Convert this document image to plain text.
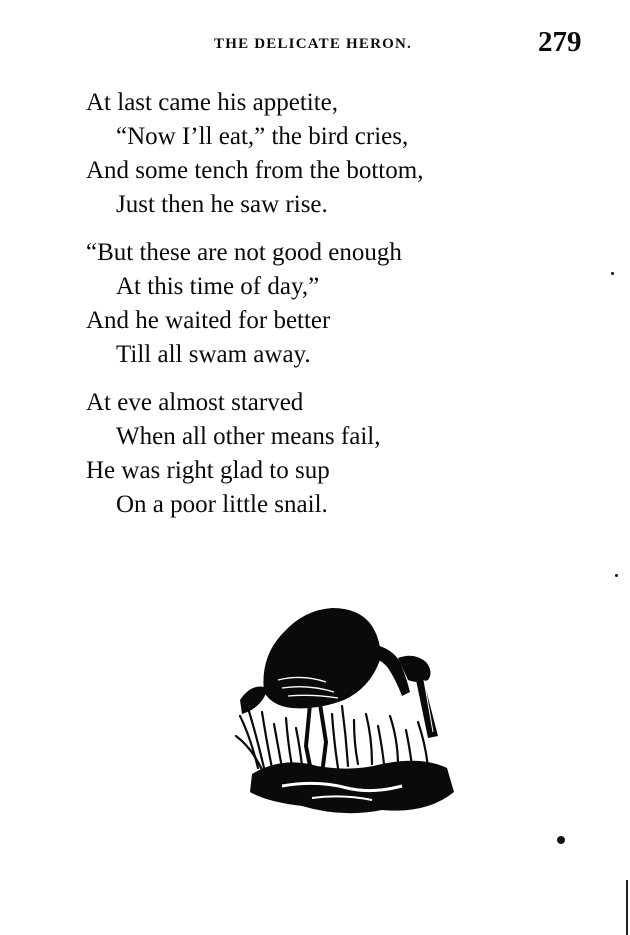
THE DELICATE HERON.	279
At last came his appetite,
“Now I’ll eat,” the bird cries,
And some tench from the bottom,
Just then he saw rise.
“But these are not good enough
At this time of day,”
And he waited for better
Till all swam away.
At eve almost starved
When all other means fail,
He was right glad to sup
On a poor little snail.
